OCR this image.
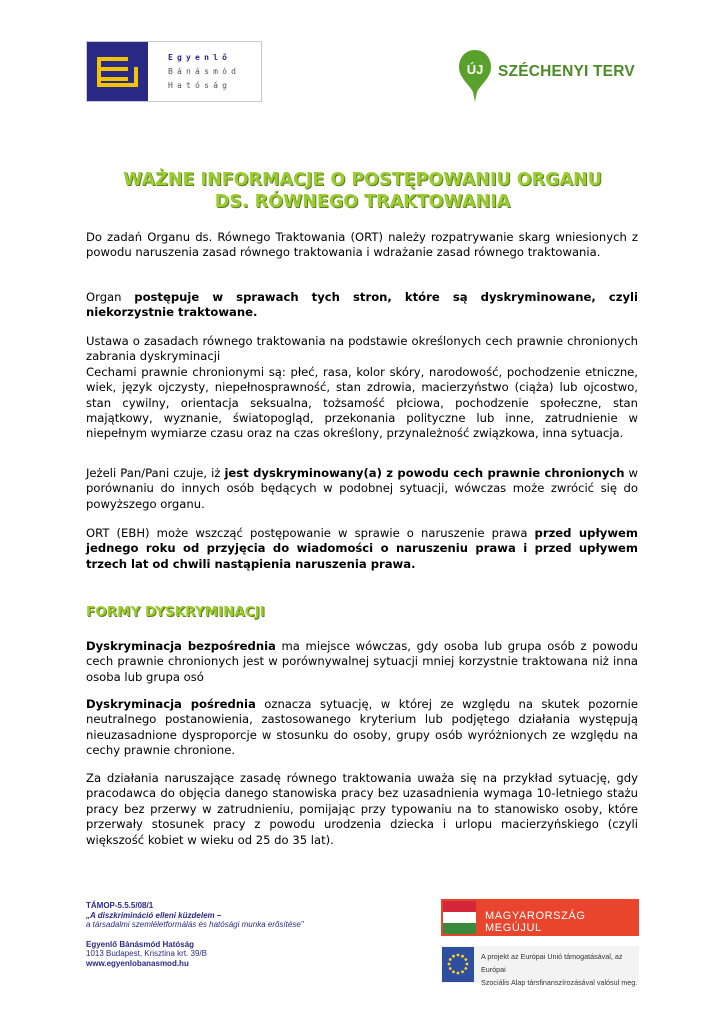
Egyenlő
Bánásmód
Hatóság
ÚJ SZÉCHENYI TERV
WAŻNE INFORMACJE O POSTĘPOWANIU ORGANU
DS. RÓWNEGO TRAKTOWANIA
Do zadań Organu ds. Równego Traktowania (ORT) należy rozpatrywanie skarg wniesionych z powodu naruszenia zasad równego traktowania i wdrażanie zasad równego traktowania.
Organ postępuje w sprawach tych stron, które są dyskryminowane, czyli niekorzystnie traktowane.
Ustawa o zasadach równego traktowania na podstawie określonych cech prawnie chronionych zabrania dyskryminacji
Cechami prawnie chronionymi są: płeć, rasa, kolor skóry, narodowość, pochodzenie etniczne, wiek, język ojczysty, niepełnosprawność, stan zdrowia, macierzyństwo (ciąża) lub ojcostwo, stan cywilny, orientacja seksualna, tożsamość płciowa, pochodzenie społeczne, stan majątkowy, wyznanie, światopogląd, przekonania polityczne lub inne, zatrudnienie w niepełnym wymiarze czasu oraz na czas określony, przynależność związkowa, inna sytuacja.
Jeżeli Pan/Pani czuje, iż jest dyskryminowany(a) z powodu cech prawnie chronionych w porównaniu do innych osób będących w podobnej sytuacji, wówczas może zwrócić się do powyższego organu.
ORT (EBH) może wszcząć postępowanie w sprawie o naruszenie prawa przed upływem jednego roku od przyjęcia do wiadomości o naruszeniu prawa i przed upływem trzech lat od chwili nastąpienia naruszenia prawa.
FORMY DYSKRYMINACJI
Dyskryminacja bezpośrednia ma miejsce wówczas, gdy osoba lub grupa osób z powodu cech prawnie chronionych jest w porównywalnej sytuacji mniej korzystnie traktowana niż inna osoba lub grupa osó
Dyskryminacja pośrednia oznacza sytuację, w której ze względu na skutek pozornie neutralnego postanowienia, zastosowanego kryterium lub podjętego działania występują nieuzasadnione dysproporcje w stosunku do osoby, grupy osób wyróżnionych ze względu na cechy prawnie chronione.
Za działania naruszające zasadę równego traktowania uważa się na przykład sytuację, gdy pracodawca do objęcia danego stanowiska pracy bez uzasadnienia wymaga 10-letniego stażu pracy bez przerwy w zatrudnieniu, pomijając przy typowaniu na to stanowisko osoby, które przerwały stosunek pracy z powodu urodzenia dziecka i urlopu macierzyńskiego (czyli większość kobiet w wieku od 25 do 35 lat).
TÁMOP-5.5.5/08/1
„A diszkrimináció elleni küzdelem –
a társadalmi szemléletformálás és hatósági munka erősítése"
Egyenlő Bánásmód Hatóság
1013 Budapest, Krisztina krt. 39/B
www.egyenlobanasmod.hu
MAGYARORSZÁG MEGÚJUL
A projekt az Európai Unió támogatásával, az Európai
Szociális Alap társfinanszírozásával valósul meg.
